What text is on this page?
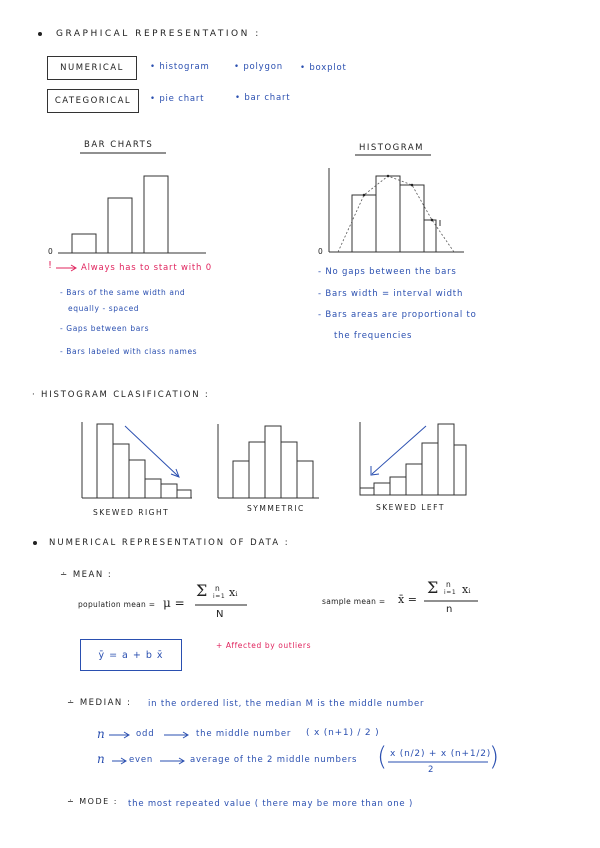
GRAPHICAL REPRESENTATION :
NUMERICAL
CATEGORICAL
• histogram	• polygon • boxplot
• pie chart	• bar chart
BAR CHARTS
0
!	Always has to start with 0
- Bars of the same width and
equally - spaced
- Gaps between bars
- Bars labeled with class names
HISTOGRAM
0
- No gaps between the bars
- Bars width = interval width
- Bars areas are proportional to
the frequencies
· HISTOGRAM CLASIFICATION :
SKEWED RIGHT	SYMMETRIC	SKEWED LEFT
NUMERICAL REPRESENTATION OF DATA :
∸ MEAN :
population mean = μ =
Σ n
i=1 xᵢ
N
sample mean = x̄ =
Σ n
i=1 xᵢ
n
ȳ = a + b x̄
+ Affected by outliers
∸ MEDIAN : in the ordered list, the median M is the middle number
n	odd	the middle number ( x (n+1) / 2 )
n	even	average of the 2 middle numbers ( x (n/2) + x (n+1/2)
2 )
∸ MODE : the most repeated value ( there may be more than one )
